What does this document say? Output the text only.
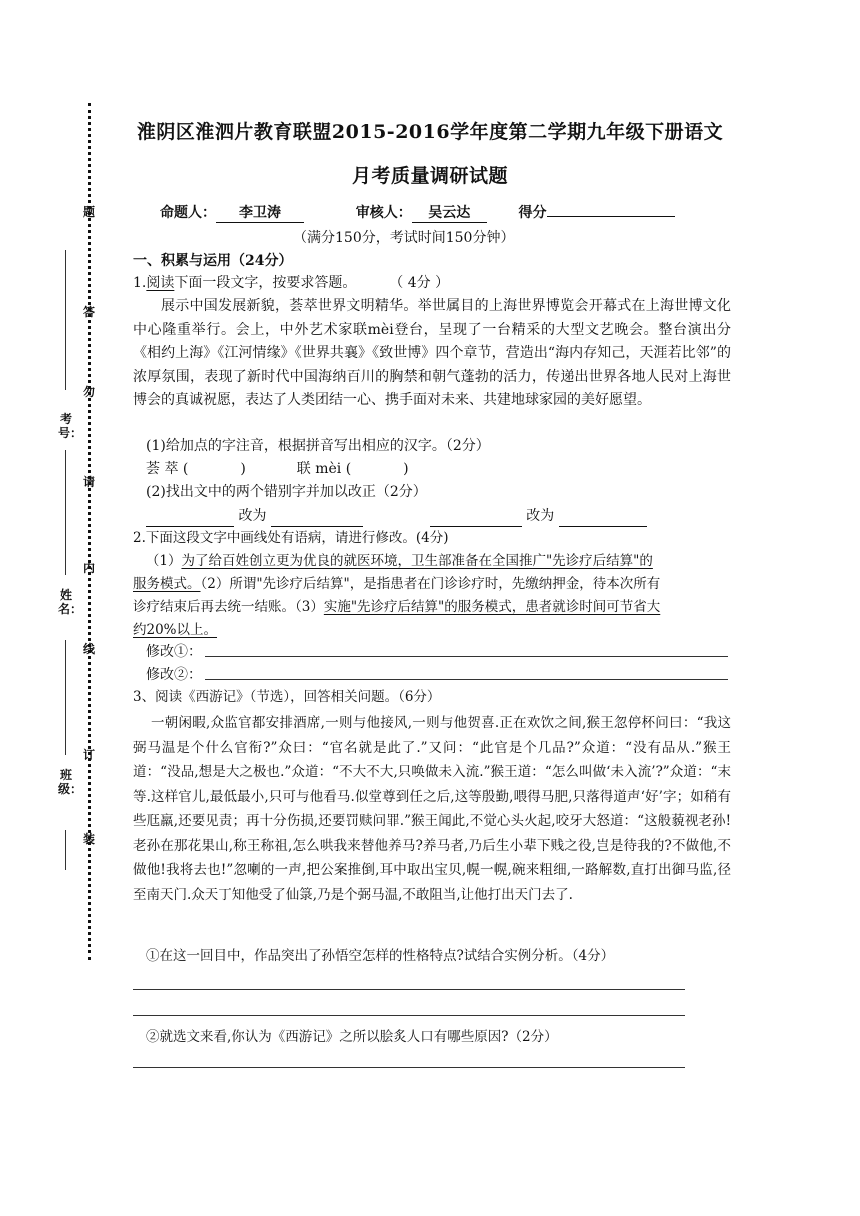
题
答
勿
请
内
线
订
装
考号：
姓名：
班级：
淮阴区淮泗片教育联盟2015-2016学年度第二学期九年级下册语文
月考质量调研试题
命题人： 李卫涛	审核人： 吴云达	得分
（满分150分，考试时间150分钟）
一、积累与运用（24分）
1.阅读下面一段文字，按要求答题。 （ 4分 ）
展示中国发展新貌，荟萃世界文明精华。举世属目的上海世界博览会开幕式在上海世博文化中心隆重举行。会上，中外艺术家联mèi登台，呈现了一台精采的大型文艺晚会。整台演出分《相约上海》《江河情缘》《世界共襄》《致世博》四个章节，营造出“海内存知己，天涯若比邻”的浓厚氛围，表现了新时代中国海纳百川的胸禁和朝气蓬勃的活力，传递出世界各地人民对上海世博会的真诚祝愿，表达了人类团结一心、携手面对未来、共建地球家园的美好愿望。
(1)给加点的字注音，根据拼音写出相应的汉字。（2分）
荟 萃 (	)	联 mèi (	)
(2)找出文中的两个错别字并加以改正（2分）
改为	改为
2.下面这段文字中画线处有语病，请进行修改。(4分)
（1）为了给百姓创立更为优良的就医环境，卫生部准备在全国推广"先诊疗后结算"的
服务模式。（2）所谓"先诊疗后结算"，是指患者在门诊诊疗时，先缴纳押金，待本次所有
诊疗结束后再去统一结账。（3）实施"先诊疗后结算"的服务模式，患者就诊时间可节省大
约20%以上。
修改①：
修改②：
3、阅读《西游记》（节选），回答相关问题。（6分）
一朝闲暇,众监官都安排酒席,一则与他接风,一则与他贺喜.正在欢饮之间,猴王忽停杯问曰：“我这弼马温是个什么官衔?”众曰：“官名就是此了.”又问：“此官是个几品?”众道：“没有品从.”猴王道：“没品,想是大之极也.”众道：“不大不大,只唤做未入流.”猴王道：“怎么叫做‘未入流’?”众道：“末等.这样官儿,最低最小,只可与他看马.似堂尊到任之后,这等殷勤,喂得马肥,只落得道声‘好’字；如稍有些尫羸,还要见责；再十分伤损,还要罚赎问罪.”猴王闻此,不觉心头火起,咬牙大怒道：“这般藐视老孙!老孙在那花果山,称王称祖,怎么哄我来替他养马?养马者,乃后生小辈下贱之役,岂是待我的?不做他,不做他!我将去也!”忽喇的一声,把公案推倒,耳中取出宝贝,幌一幌,碗来粗细,一路解数,直打出御马监,径至南天门.众天丁知他受了仙箓,乃是个弼马温,不敢阻当,让他打出天门去了.
①在这一回目中，作品突出了孙悟空怎样的性格特点?试结合实例分析。（4分）
②就选文来看,你认为《西游记》之所以脍炙人口有哪些原因?（2分）
